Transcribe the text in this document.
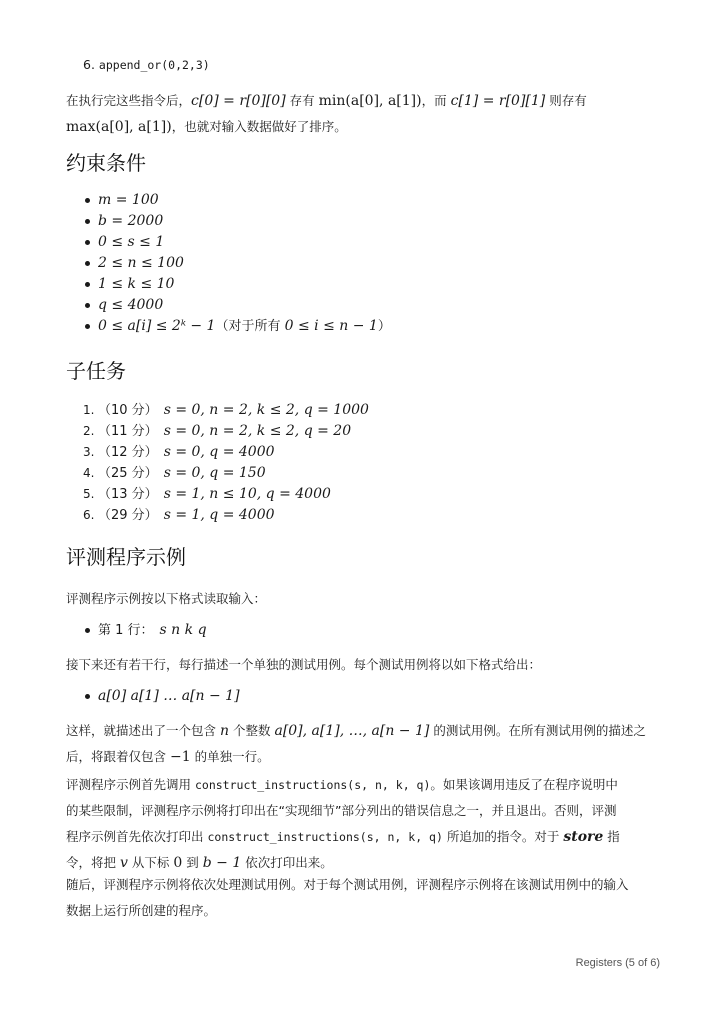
6. append_or(0,2,3)
在执行完这些指令后，c[0] = r[0][0] 存有 min(a[0], a[1])，而 c[1] = r[0][1] 则存有
max(a[0], a[1])，也就对输入数据做好了排序。
约束条件
m = 100
b = 2000
0 ≤ s ≤ 1
2 ≤ n ≤ 100
1 ≤ k ≤ 10
q ≤ 4000
0 ≤ a[i] ≤ 2ᵏ − 1（对于所有 0 ≤ i ≤ n − 1）
子任务
1. （10 分） s = 0, n = 2, k ≤ 2, q = 1000
2. （11 分） s = 0, n = 2, k ≤ 2, q = 20
3. （12 分） s = 0, q = 4000
4. （25 分） s = 0, q = 150
5. （13 分） s = 1, n ≤ 10, q = 4000
6. （29 分） s = 1, q = 4000
评测程序示例
评测程序示例按以下格式读取输入：
第 1 行： s n k q
接下来还有若干行，每行描述一个单独的测试用例。每个测试用例将以如下格式给出：
a[0] a[1] … a[n − 1]
这样，就描述出了一个包含 n 个整数 a[0], a[1], …, a[n − 1] 的测试用例。在所有测试用例的描述之
后，将跟着仅包含 −1 的单独一行。
评测程序示例首先调用 construct_instructions(s, n, k, q)。如果该调用违反了在程序说明中
的某些限制，评测程序示例将打印出在“实现细节”部分列出的错误信息之一，并且退出。否则，评测
程序示例首先依次打印出 construct_instructions(s, n, k, q) 所追加的指令。对于 store 指
令，将把 v 从下标 0 到 b − 1 依次打印出来。
随后，评测程序示例将依次处理测试用例。对于每个测试用例，评测程序示例将在该测试用例中的输入
数据上运行所创建的程序。
Registers (5 of 6)
